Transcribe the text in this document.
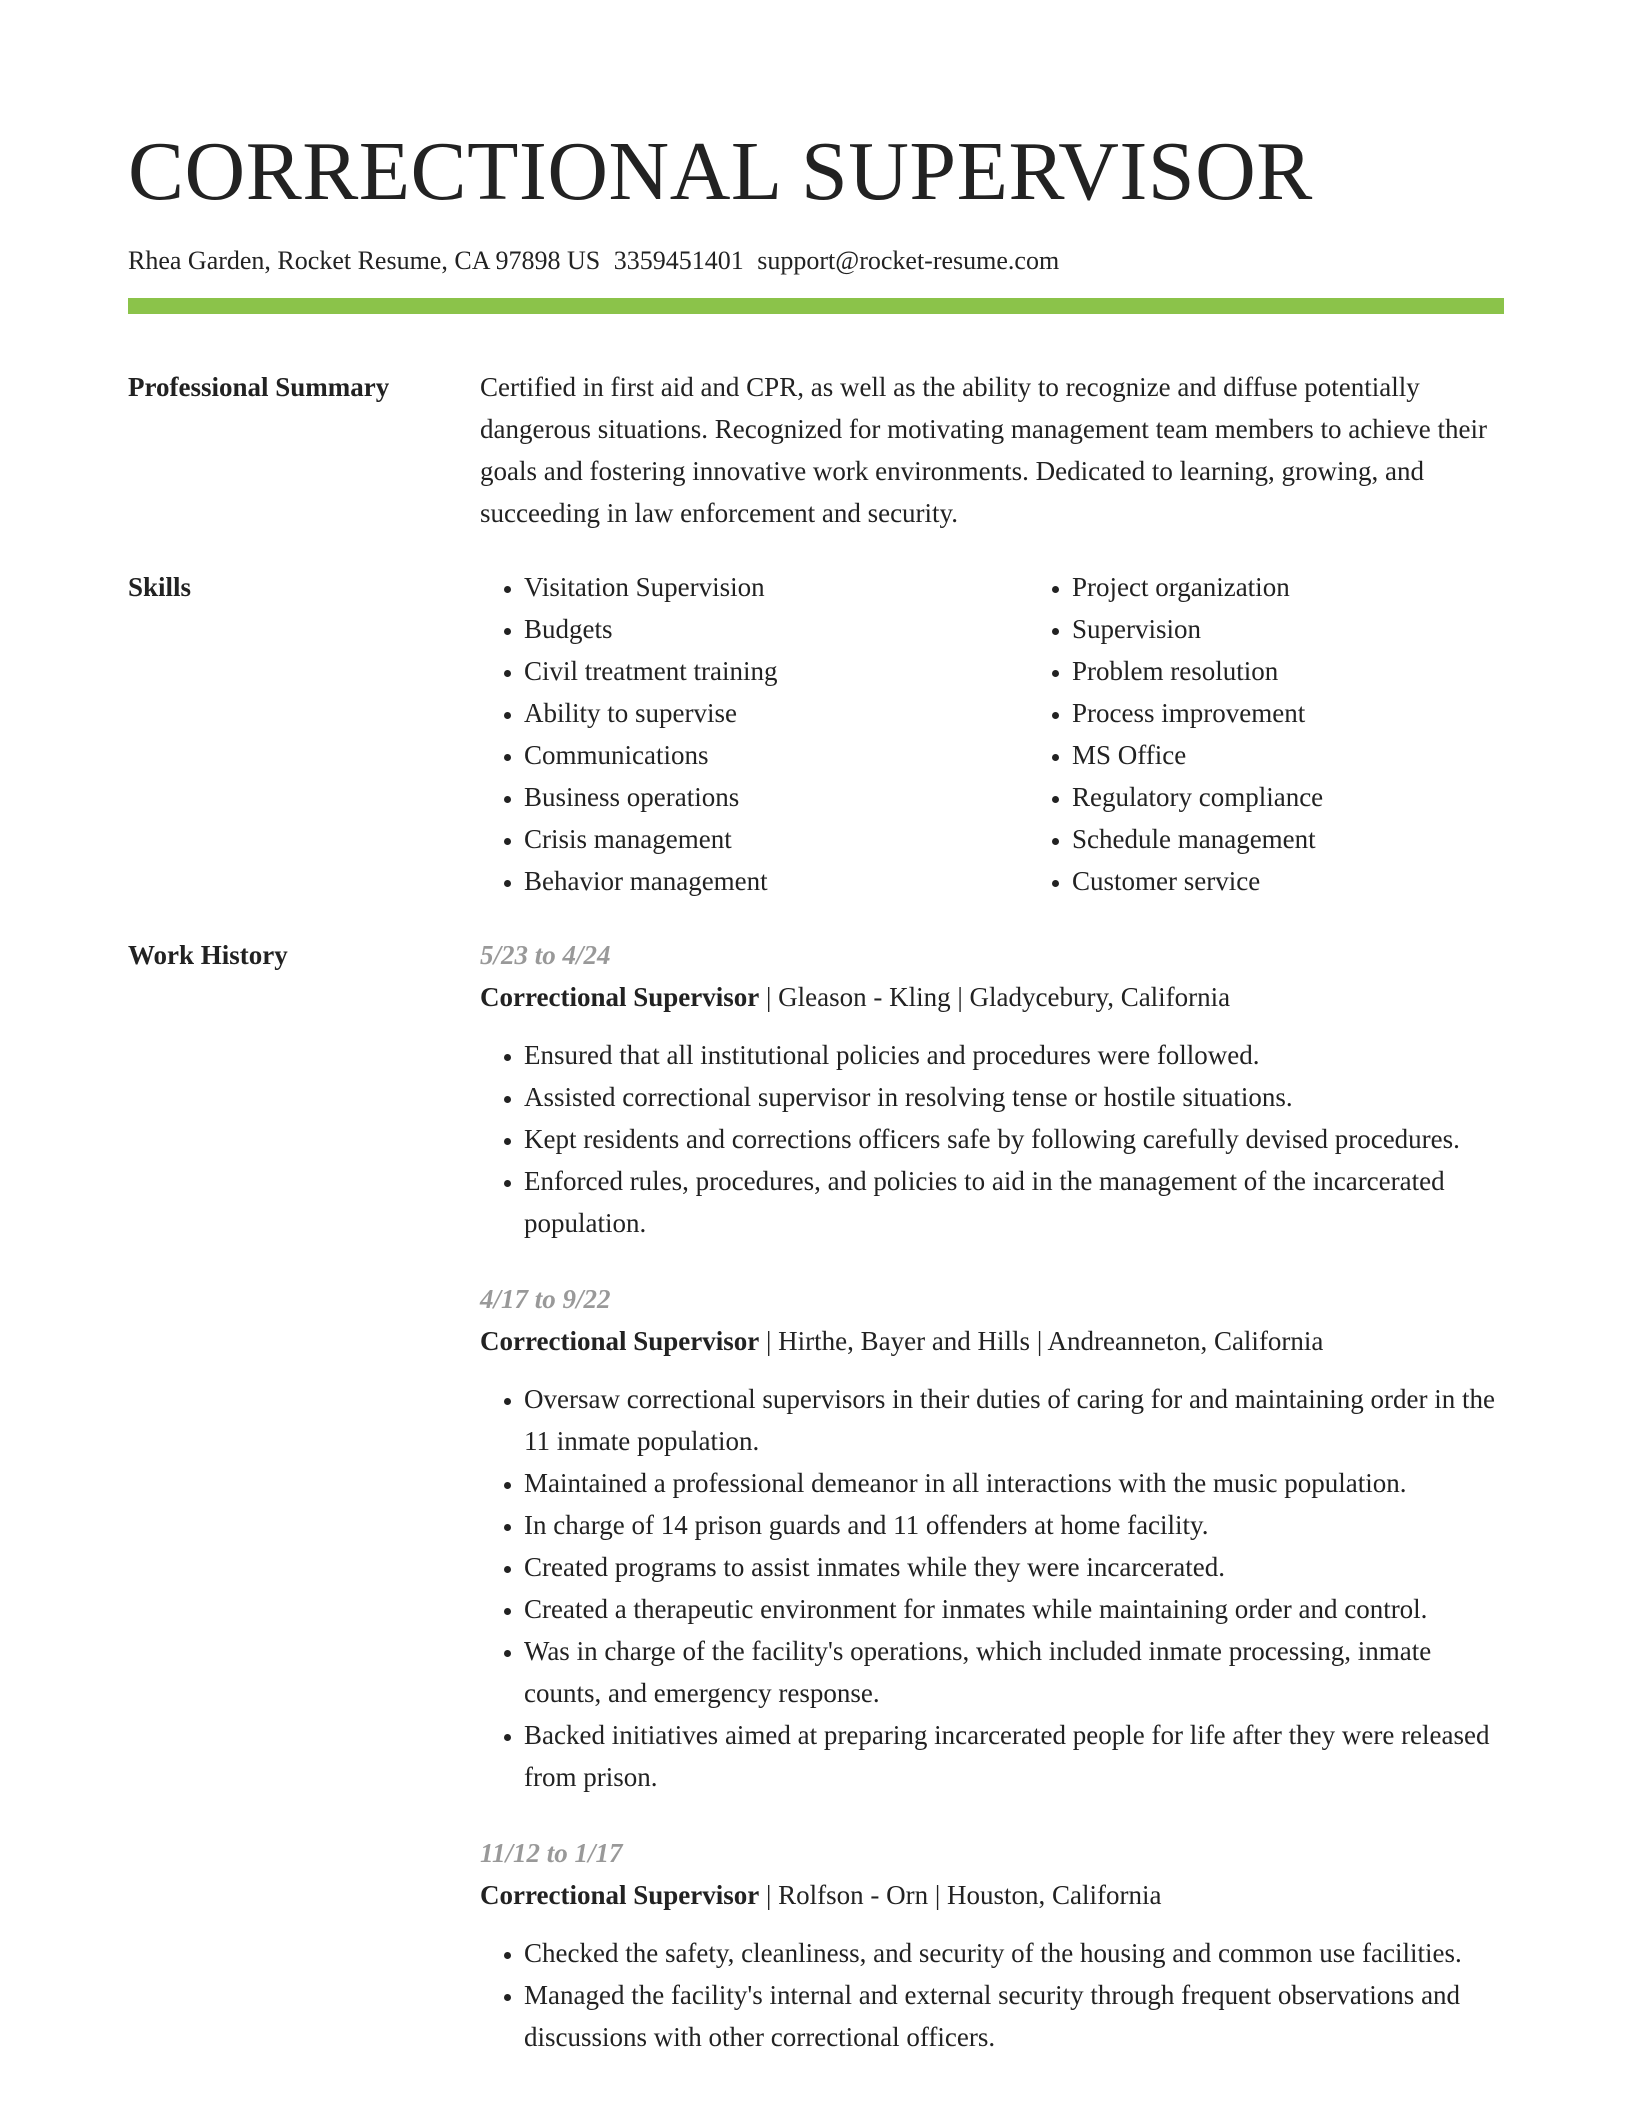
CORRECTIONAL SUPERVISOR
Rhea Garden, Rocket Resume, CA 97898 US 3359451401 support@rocket-resume.com
Professional Summary	Certified in first aid and CPR, as well as the ability to recognize and diffuse potentially dangerous situations. Recognized for motivating management team members to achieve their goals and fostering innovative work environments. Dedicated to learning, growing, and succeeding in law enforcement and security.

Skills
•	Visitation Supervision
• Budgets
• Civil treatment training
• Ability to supervise
• Communications
• Business operations
• Crisis management
• Behavior management
• Project organization
• Supervision
• Problem resolution
• Process improvement
• MS Office
• Regulatory compliance
• Schedule management
• Customer service
Work History	5/23 to 4/24
Correctional Supervisor | Gleason - Kling | Gladycebury, California
• Ensured that all institutional policies and procedures were followed.
• Assisted correctional supervisor in resolving tense or hostile situations.
• Kept residents and corrections officers safe by following carefully devised procedures.
• Enforced rules, procedures, and policies to aid in the management of the incarcerated population.
4/17 to 9/22
Correctional Supervisor | Hirthe, Bayer and Hills | Andreanneton, California
• Oversaw correctional supervisors in their duties of caring for and maintaining order in the 11 inmate population.
• Maintained a professional demeanor in all interactions with the music population.
• In charge of 14 prison guards and 11 offenders at home facility.
• Created programs to assist inmates while they were incarcerated.
• Created a therapeutic environment for inmates while maintaining order and control.
• Was in charge of the facility's operations, which included inmate processing, inmate counts, and emergency response.
• Backed initiatives aimed at preparing incarcerated people for life after they were released from prison.
11/12 to 1/17
Correctional Supervisor | Rolfson - Orn | Houston, California
• Checked the safety, cleanliness, and security of the housing and common use facilities.
• Managed the facility's internal and external security through frequent observations and discussions with other correctional officers.
